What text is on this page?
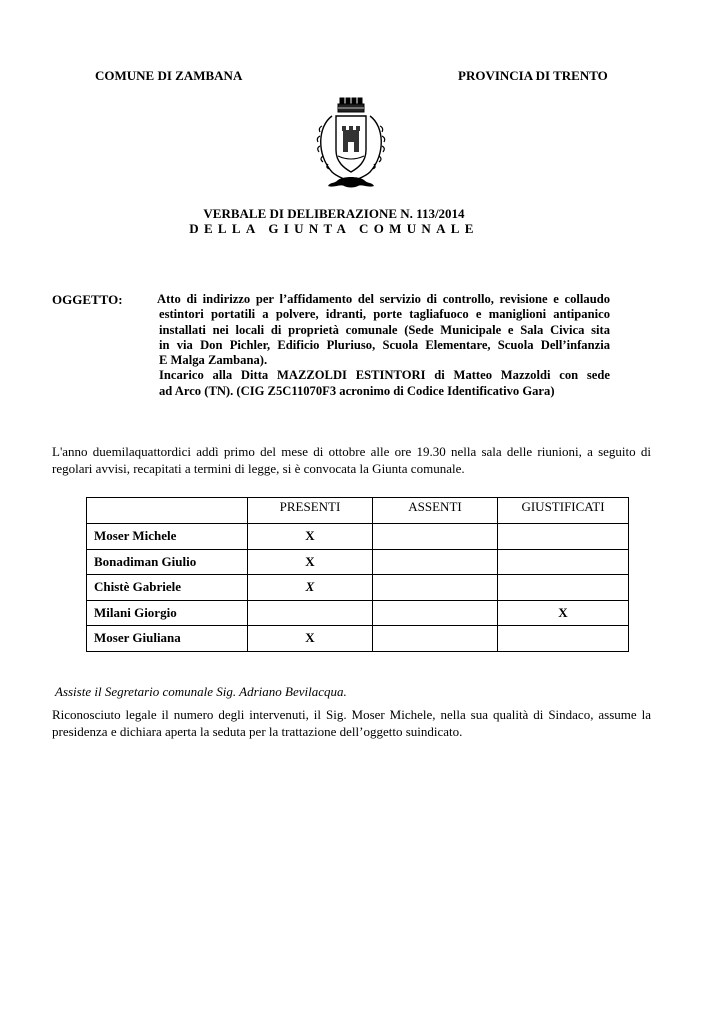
COMUNE DI ZAMBANA	PROVINCIA DI TRENTO
VERBALE DI DELIBERAZIONE N. 113/2014
DELLA GIUNTA COMUNALE
OGGETTO:	Atto di indirizzo per l’affidamento del servizio di controllo, revisione e collaudo
estintori portatili a polvere, idranti, porte tagliafuoco e maniglioni antipanico
installati nei locali di proprietà comunale (Sede Municipale e Sala Civica sita
in via Don Pichler, Edificio Pluriuso, Scuola Elementare, Scuola Dell’infanzia
E Malga Zambana).
Incarico alla Ditta MAZZOLDI ESTINTORI di Matteo Mazzoldi con sede
ad Arco (TN). (CIG Z5C11070F3 acronimo di Codice Identificativo Gara)
L'anno duemilaquattordici addì primo del mese di ottobre alle ore 19.30 nella sala delle riunioni, a seguito di regolari avvisi, recapitati a termini di legge, si è convocata la Giunta comunale.
	PRESENTI	ASSENTI	GIUSTIFICATI
Moser Michele	X		
Bonadiman Giulio	X		
Chistè Gabriele	X		
Milani Giorgio			X
Moser Giuliana	X		
Assiste il Segretario comunale Sig. Adriano Bevilacqua.
Riconosciuto legale il numero degli intervenuti, il Sig. Moser Michele, nella sua qualità di Sindaco, assume la presidenza e dichiara aperta la seduta per la trattazione dell’oggetto suindicato.
